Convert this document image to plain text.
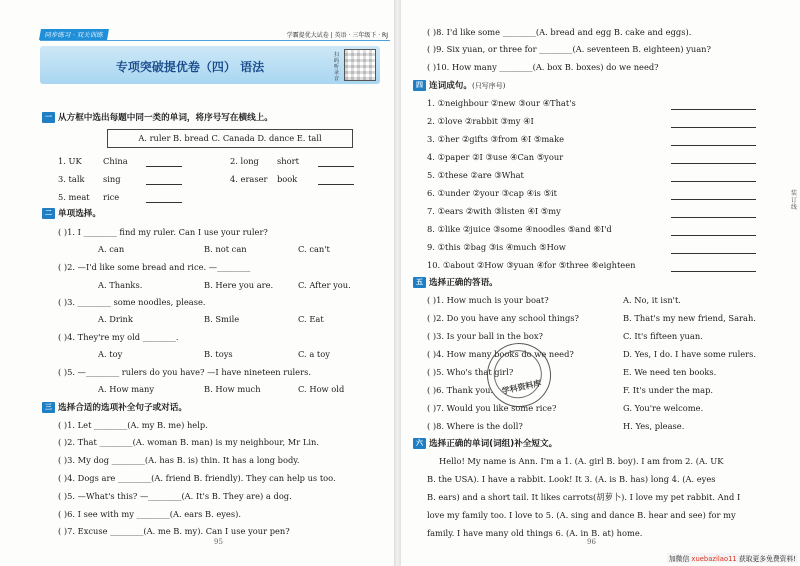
同步练习 · 双关训练	学霸提优大试卷 | 英语 · 三年级下 · RJ
专项突破提优卷（四） 语法
扫码听录音
一 从方框中选出每题中同一类的单词，将序号写在横线上。
A. ruler B. bread C. Canada D. dance E. tall
1. UK	China	2. long short
3. talk sing	4. eraser book
5. meat rice
二 单项选择。
( )1. I ________ find my ruler. Can I use your ruler?
A. can	B. not can	C. can't
( )2. —I'd like some bread and rice. —________
A. Thanks.	B. Here you are.	C. After you.
( )3. ________ some noodles, please.
A. Drink	B. Smile	C. Eat
( )4. They're my old ________.
A. toy	B. toys	C. a toy
( )5. —________ rulers do you have? —I have nineteen rulers.
A. How many	B. How much	C. How old
三 选择合适的选项补全句子或对话。
( )1. Let ________(A. my B. me) help.
( )2. That ________(A. woman B. man) is my neighbour, Mr Lin.
( )3. My dog ________(A. has B. is) thin. It has a long body.
( )4. Dogs are ________(A. friend B. friendly). They can help us too.
( )5. —What's this? —________(A. It's B. They are) a dog.
( )6. I see with my ________(A. ears B. eyes).
( )7. Excuse ________(A. me B. my). Can I use your pen?
95
( )8. I'd like some ________(A. bread and egg B. cake and eggs).
( )9. Six yuan, or three for ________(A. seventeen B. eighteen) yuan?
( )10. How many ________(A. box B. boxes) do we need?
四 连词成句。(只写序号)
1. ①neighbour ②new ③our ④That's
2. ①love ②rabbit ③my ④I
3. ①her ②gifts ③from ④I ⑤make
4. ①paper ②I ③use ④Can ⑤your
5. ①these ②are ③What
6. ①under ②your ③cap ④is ⑤it
7. ①ears ②with ③listen ④I ⑤my
8. ①like ②juice ③some ④noodles ⑤and ⑥I'd
9. ①this ②bag ③is ④much ⑤How
10. ①about ②How ③yuan ④for ⑤three ⑥eighteen
五 选择正确的答语。
( )1. How much is your boat?	A. No, it isn't.
( )2. Do you have any school things?	B. That's my new friend, Sarah.
( )3. Is your ball in the box?	C. It's fifteen yuan.
( )4. How many books do we need?	D. Yes, I do. I have some rulers.
( )5. Who's that girl?	E. We need ten books.
( )6. Thank you.	F. It's under the map.
( )7. Would you like some rice?	G. You're welcome.
( )8. Where is the doll?	H. Yes, please.
学科资料库
六 选择正确的单词(词组)补全短文。
Hello! My name is Ann. I'm a 1. (A. girl B. boy). I am from 2. (A. UK
B. the USA). I have a rabbit. Look! It 3. (A. is B. has) long 4. (A. eyes
B. ears) and a short tail. It likes carrots(胡萝卜). I love my pet rabbit. And I
love my family too. I love to 5. (A. sing and dance B. hear and see) for my
family. I have many old things 6. (A. in B. at) home.
96
装 订 线
加微信 xuebazilao11 获取更多免费资料!
